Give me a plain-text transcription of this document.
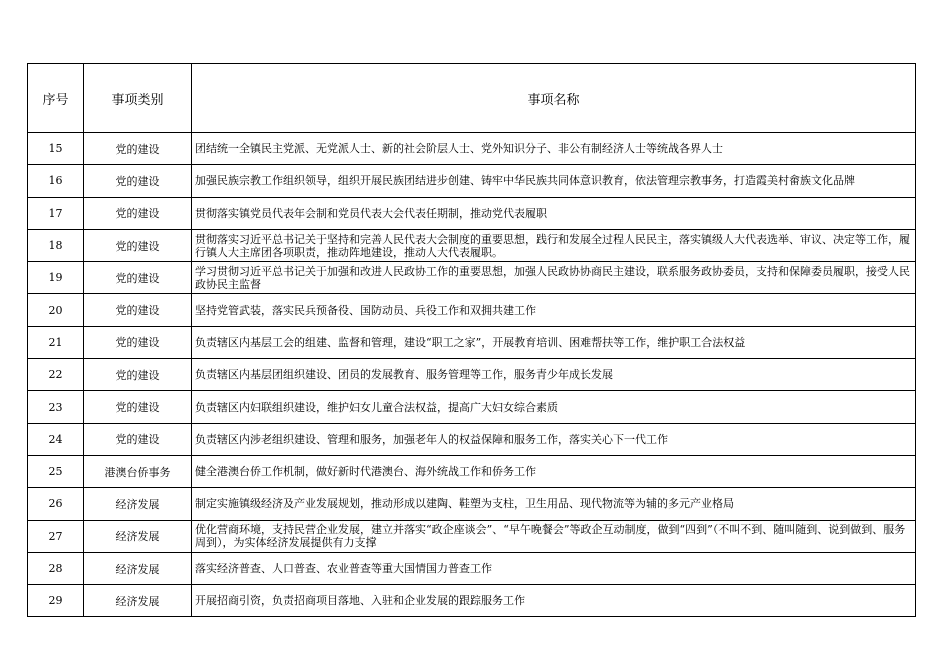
序号	事项类别	事项名称
15	党的建设	团结统一全镇民主党派、无党派人士、新的社会阶层人士、党外知识分子、非公有制经济人士等统战各界人士
16	党的建设	加强民族宗教工作组织领导，组织开展民族团结进步创建、铸牢中华民族共同体意识教育，依法管理宗教事务，打造霞美村畲族文化品牌
17	党的建设	贯彻落实镇党员代表年会制和党员代表大会代表任期制，推动党代表履职
18	党的建设	贯彻落实习近平总书记关于坚持和完善人民代表大会制度的重要思想，践行和发展全过程人民民主，落实镇级人大代表选举、审议、决定等工作，履行镇人大主席团各项职责，推动阵地建设，推动人大代表履职。
19	党的建设	学习贯彻习近平总书记关于加强和改进人民政协工作的重要思想，加强人民政协协商民主建设，联系服务政协委员，支持和保障委员履职，接受人民政协民主监督
20	党的建设	坚持党管武装，落实民兵预备役、国防动员、兵役工作和双拥共建工作
21	党的建设	负责辖区内基层工会的组建、监督和管理，建设“职工之家”，开展教育培训、困难帮扶等工作，维护职工合法权益
22	党的建设	负责辖区内基层团组织建设、团员的发展教育、服务管理等工作，服务青少年成长发展
23	党的建设	负责辖区内妇联组织建设，维护妇女儿童合法权益，提高广大妇女综合素质
24	党的建设	负责辖区内涉老组织建设、管理和服务，加强老年人的权益保障和服务工作，落实关心下一代工作
25	港澳台侨事务	健全港澳台侨工作机制，做好新时代港澳台、海外统战工作和侨务工作
26	经济发展	制定实施镇级经济及产业发展规划，推动形成以建陶、鞋塑为支柱，卫生用品、现代物流等为辅的多元产业格局
27	经济发展	优化营商环境，支持民营企业发展，建立并落实“政企座谈会”、“早午晚餐会”等政企互动制度，做到“四到”（不叫不到、随叫随到、说到做到、服务周到），为实体经济发展提供有力支撑
28	经济发展	落实经济普查、人口普查、农业普查等重大国情国力普查工作
29	经济发展	开展招商引资，负责招商项目落地、入驻和企业发展的跟踪服务工作
